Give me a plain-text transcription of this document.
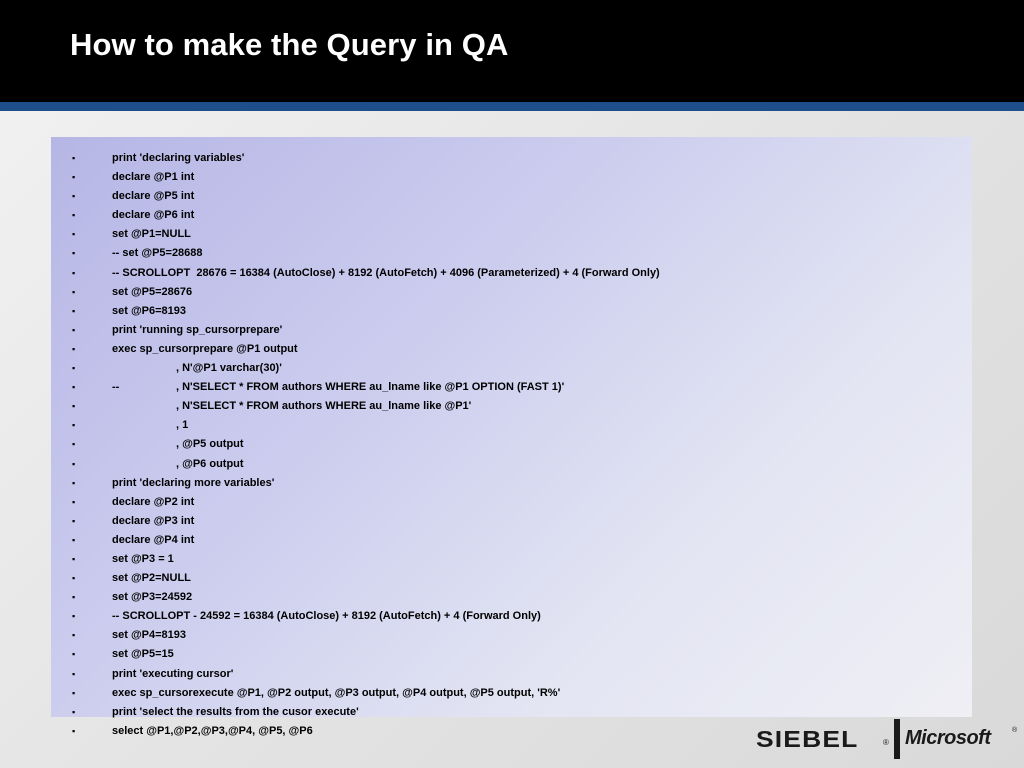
How to make the Query in QA
▪	print 'declaring variables'
▪	declare @P1 int
▪	declare @P5 int
▪	declare @P6 int
▪	set @P1=NULL
▪	-- set @P5=28688
▪	-- SCROLLOPT  28676 = 16384 (AutoClose) + 8192 (AutoFetch) + 4096 (Parameterized) + 4 (Forward Only)
▪	set @P5=28676
▪	set @P6=8193
▪	print 'running sp_cursorprepare'
▪	exec sp_cursorprepare @P1 output
▪	, N'@P1 varchar(30)'
▪	--	, N'SELECT * FROM authors WHERE au_lname like @P1 OPTION (FAST 1)'
▪	, N'SELECT * FROM authors WHERE au_lname like @P1'
▪	, 1
▪	, @P5 output
▪	, @P6 output
▪	print 'declaring more variables'
▪	declare @P2 int
▪	declare @P3 int
▪	declare @P4 int
▪	set @P3 = 1
▪	set @P2=NULL
▪	set @P3=24592
▪	-- SCROLLOPT - 24592 = 16384 (AutoClose) + 8192 (AutoFetch) + 4 (Forward Only)
▪	set @P4=8193
▪	set @P5=15
▪	print 'executing cursor'
▪	exec sp_cursorexecute @P1, @P2 output, @P3 output, @P4 output, @P5 output, 'R%'
▪	print 'select the results from the cusor execute'
▪	select @P1,@P2,@P3,@P4, @P5, @P6	SIEBEL	® Microsoft	®
